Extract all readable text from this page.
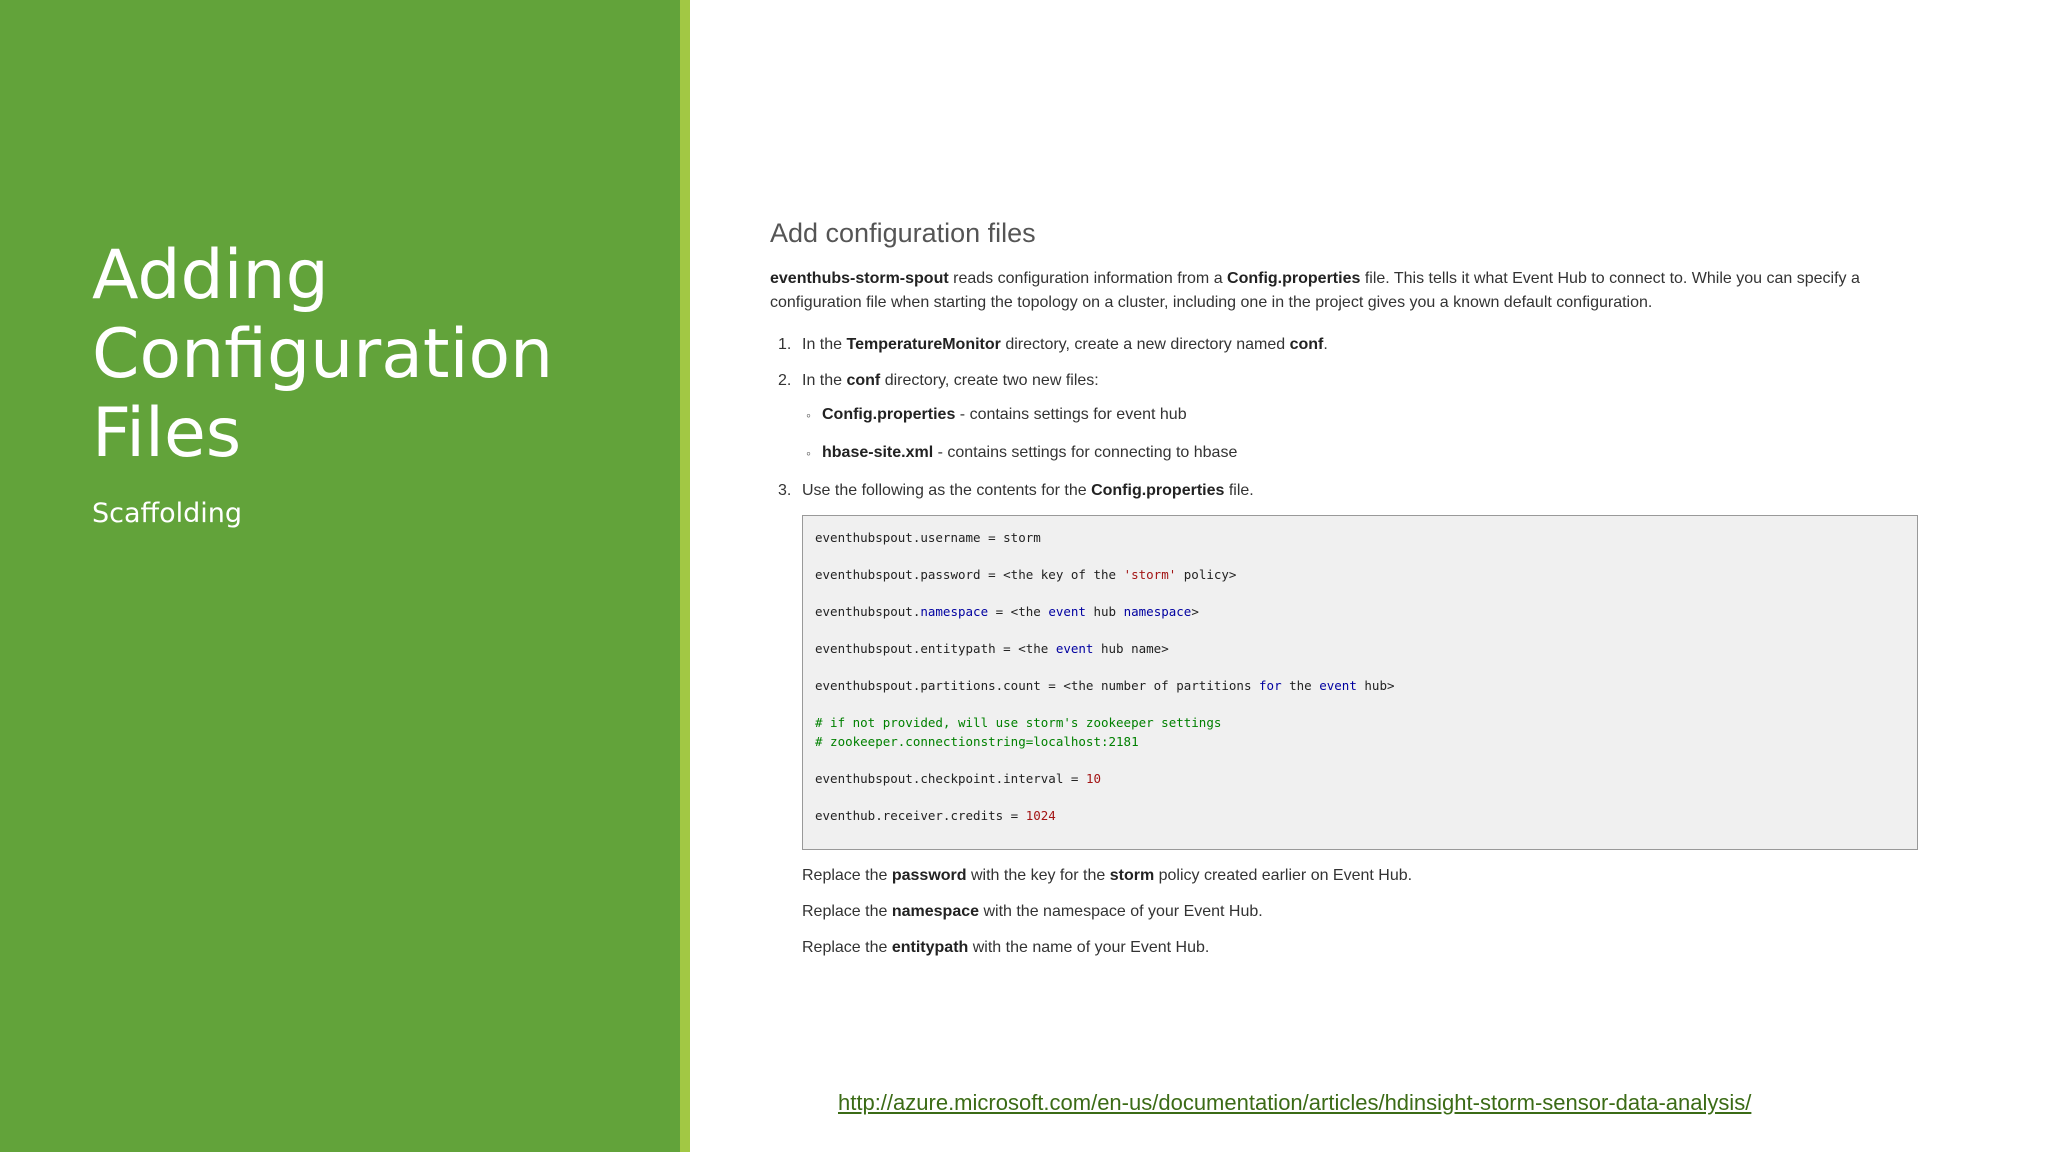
Adding
Configuration
Files
Scaffolding
Add configuration files

eventhubs-storm-spout reads configuration information from a Config.properties file. This tells it what Event Hub to connect to. While you can specify a configuration file when starting the topology on a cluster, including one in the project gives you a known default configuration.

1. In the TemperatureMonitor directory, create a new directory named conf.
2. In the conf directory, create two new files:
◦ Config.properties - contains settings for event hub
◦ hbase-site.xml - contains settings for connecting to hbase
3. Use the following as the contents for the Config.properties file.
eventhubspout.username = storm
eventhubspout.password = <the key of the 'storm' policy>
eventhubspout.namespace = <the event hub namespace>
eventhubspout.entitypath = <the event hub name>
eventhubspout.partitions.count = <the number of partitions for the event hub>
# if not provided, will use storm's zookeeper settings
# zookeeper.connectionstring=localhost:2181
eventhubspout.checkpoint.interval = 10
eventhub.receiver.credits = 1024

Replace the password with the key for the storm policy created earlier on Event Hub.

Replace the namespace with the namespace of your Event Hub.

Replace the entitypath with the name of your Event Hub.

http://azure.microsoft.com/en-us/documentation/articles/hdinsight-storm-sensor-data-analysis/
